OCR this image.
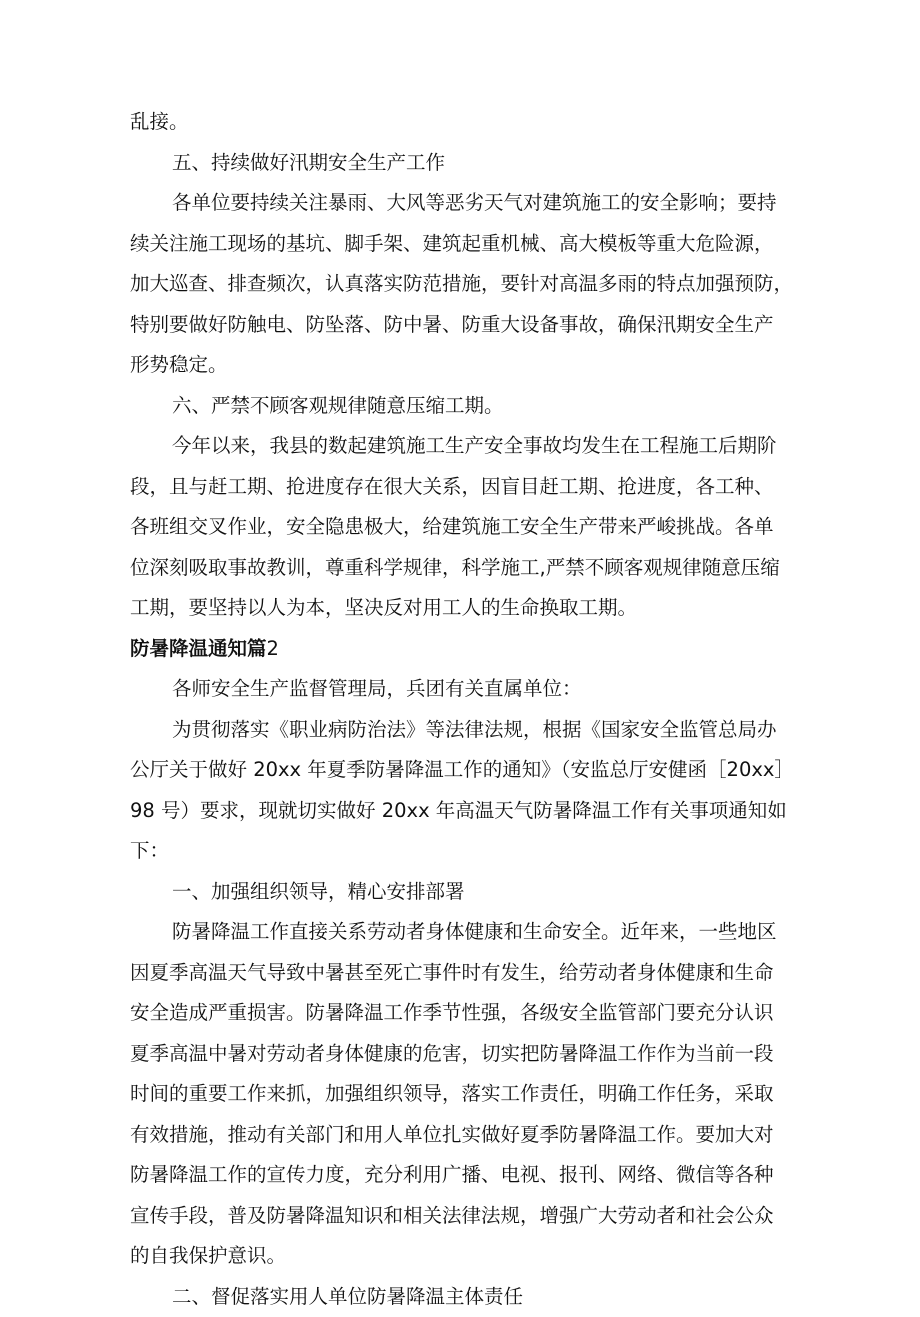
乱接。
五、持续做好汛期安全生产工作
各单位要持续关注暴雨、大风等恶劣天气对建筑施工的安全影响；要持
续关注施工现场的基坑、脚手架、建筑起重机械、高大模板等重大危险源，
加大巡查、排查频次，认真落实防范措施，要针对高温多雨的特点加强预防，
特别要做好防触电、防坠落、防中暑、防重大设备事故，确保汛期安全生产
形势稳定。
六、严禁不顾客观规律随意压缩工期。
今年以来，我县的数起建筑施工生产安全事故均发生在工程施工后期阶
段，且与赶工期、抢进度存在很大关系，因盲目赶工期、抢进度，各工种、
各班组交叉作业，安全隐患极大，给建筑施工安全生产带来严峻挑战。各单
位深刻吸取事故教训，尊重科学规律，科学施工,严禁不顾客观规律随意压缩
工期，要坚持以人为本，坚决反对用工人的生命换取工期。
防暑降温通知篇2
各师安全生产监督管理局，兵团有关直属单位：
为贯彻落实《职业病防治法》等法律法规，根据《国家安全监管总局办
公厅关于做好 20xx 年夏季防暑降温工作的通知》（安监总厅安健函［20xx］
98 号）要求，现就切实做好 20xx 年高温天气防暑降温工作有关事项通知如
下：
一、加强组织领导，精心安排部署
防暑降温工作直接关系劳动者身体健康和生命安全。近年来，一些地区
因夏季高温天气导致中暑甚至死亡事件时有发生，给劳动者身体健康和生命
安全造成严重损害。防暑降温工作季节性强，各级安全监管部门要充分认识
夏季高温中暑对劳动者身体健康的危害，切实把防暑降温工作作为当前一段
时间的重要工作来抓，加强组织领导，落实工作责任，明确工作任务，采取
有效措施，推动有关部门和用人单位扎实做好夏季防暑降温工作。要加大对
防暑降温工作的宣传力度，充分利用广播、电视、报刊、网络、微信等各种
宣传手段，普及防暑降温知识和相关法律法规，增强广大劳动者和社会公众
的自我保护意识。
二、督促落实用人单位防暑降温主体责任
